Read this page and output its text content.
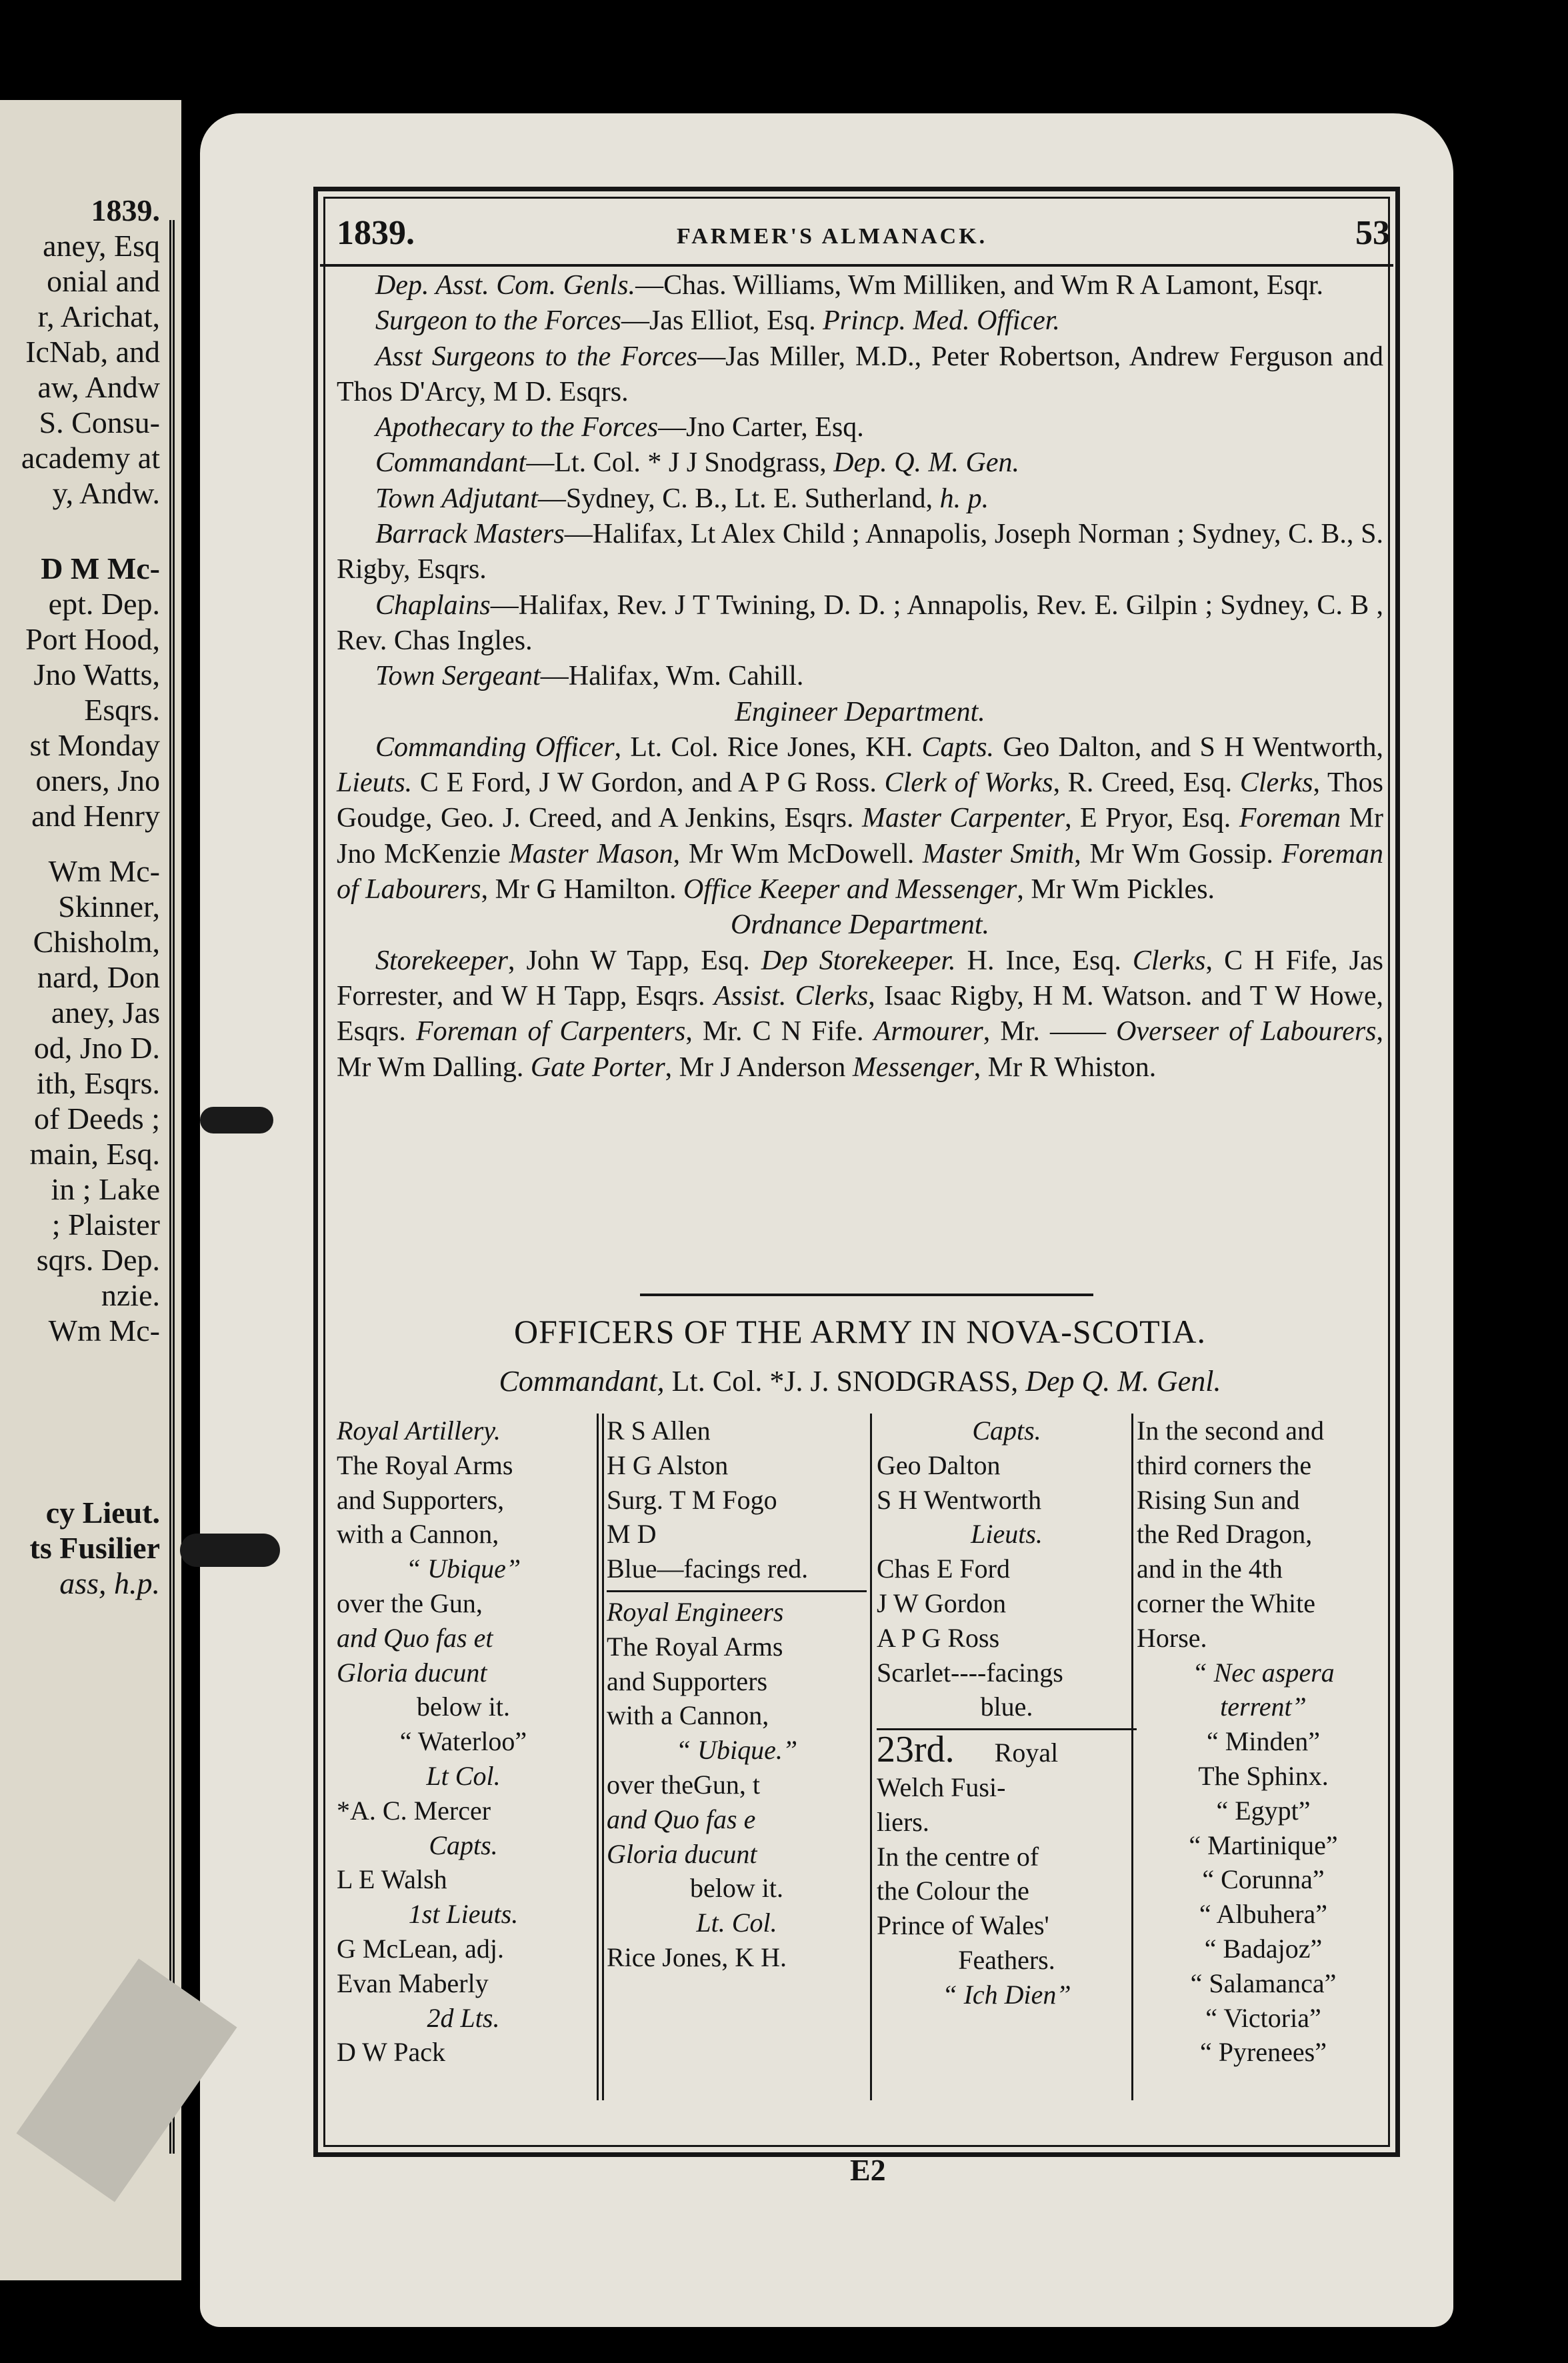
1839.
aney, Esq
onial and
r, Arichat,
IcNab, and
aw, Andw
S. Consu-
academy at
y, Andw.
D M Mc-
ept. Dep.
Port Hood,
Jno Watts,
Esqrs.
st Monday
oners, Jno
and Henry
Wm Mc-
Skinner,
Chisholm,
nard, Don
aney, Jas
od, Jno D.
ith, Esqrs.
of Deeds ;
main, Esq.
in ; Lake
; Plaister
sqrs. Dep.
nzie.
Wm Mc-
cy Lieut.
ts Fusilier
ass, h.p.
1839.	FARMER'S ALMANACK.	53

Dep. Asst. Com. Genls.—Chas. Williams, Wm Milliken, and Wm R A Lamont, Esqr.

Surgeon to the Forces—Jas Elliot, Esq. Princp. Med. Officer.

Asst Surgeons to the Forces—Jas Miller, M.D., Peter Robertson, Andrew Ferguson and Thos D'Arcy, M D. Esqrs.

Apothecary to the Forces—Jno Carter, Esq.

Commandant—Lt. Col. * J J Snodgrass, Dep. Q. M. Gen.

Town Adjutant—Sydney, C. B., Lt. E. Sutherland, h. p.

Barrack Masters—Halifax, Lt Alex Child ; Annapolis, Joseph Norman ; Sydney, C. B., S. Rigby, Esqrs.

Chaplains—Halifax, Rev. J T Twining, D. D. ; Annapolis, Rev. E. Gilpin ; Sydney, C. B , Rev. Chas Ingles.

Town Sergeant—Halifax, Wm. Cahill.

Engineer Department.

Commanding Officer, Lt. Col. Rice Jones, KH. Capts. Geo Dalton, and S H Wentworth, Lieuts. C E Ford, J W Gordon, and A P G Ross. Clerk of Works, R. Creed, Esq. Clerks, Thos Goudge, Geo. J. Creed, and A Jenkins, Esqrs. Master Carpenter, E Pryor, Esq. Foreman Mr Jno McKenzie Master Mason, Mr Wm McDowell. Master Smith, Mr Wm Gossip. Foreman of Labourers, Mr G Hamilton. Office Keeper and Messenger, Mr Wm Pickles.

Ordnance Department.

Storekeeper, John W Tapp, Esq. Dep Storekeeper. H. Ince, Esq. Clerks, C H Fife, Jas Forrester, and W H Tapp, Esqrs. Assist. Clerks, Isaac Rigby, H M. Watson. and T W Howe, Esqrs. Foreman of Carpenters, Mr. C N Fife. Armourer, Mr. —— Overseer of Labourers, Mr Wm Dalling. Gate Porter, Mr J Anderson Messenger, Mr R Whiston.

OFFICERS OF THE ARMY IN NOVA-SCOTIA.
Commandant, Lt. Col. *J. J. SNODGRASS, Dep Q. M. Genl.
Royal Artillery.
The Royal Arms
and Supporters,
with a Cannon,
“ Ubique”
over the Gun,
and Quo fas et
Gloria ducunt
below it.
“ Waterloo”
Lt Col.
*A. C. Mercer
Capts.
L E Walsh
1st Lieuts.
G McLean, adj.
Evan Maberly
2d Lts.
D W Pack
R S Allen
H G Alston
Surg. T M Fogo
M D
Blue—facings red.
Royal Engineers
The Royal Arms
and Supporters
with a Cannon,
“ Ubique.”
over theGun, t
and Quo fas e
Gloria ducunt
below it.
Lt. Col.
Rice Jones, K H.
Capts.
Geo Dalton
S H Wentworth
Lieuts.
Chas E Ford
J W Gordon
A P G Ross
Scarlet----facings
blue.
23rd. Royal
Welch Fusi-
liers.
In the centre of
the Colour the
Prince of Wales'
Feathers.
“ Ich Dien”
In the second and
third corners the
Rising Sun and
the Red Dragon,
and in the 4th
corner the White
Horse.
“ Nec aspera
terrent”
“ Minden”
The Sphinx.
“ Egypt”
“ Martinique”
“ Corunna”
“ Albuhera”
“ Badajoz”
“ Salamanca”
“ Victoria”
“ Pyrenees”
E2
